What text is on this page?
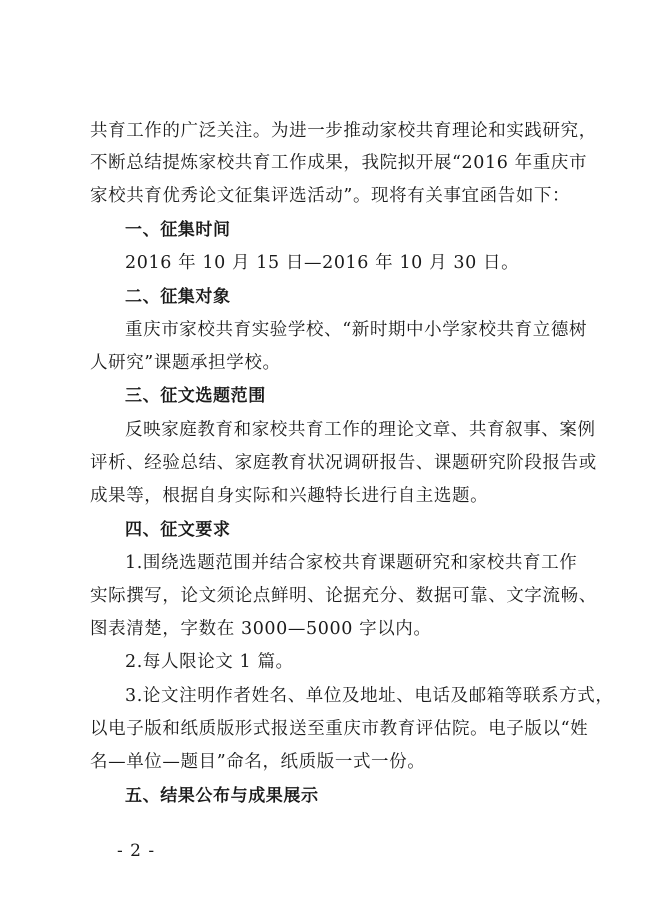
共育工作的广泛关注。为进一步推动家校共育理论和实践研究，
不断总结提炼家校共育工作成果，我院拟开展“2016 年重庆市
家校共育优秀论文征集评选活动”。现将有关事宜函告如下：
一、征集时间
2016 年 10 月 15 日—2016 年 10 月 30 日。
二、征集对象
重庆市家校共育实验学校、“新时期中小学家校共育立德树
人研究”课题承担学校。
三、征文选题范围
反映家庭教育和家校共育工作的理论文章、共育叙事、案例
评析、经验总结、家庭教育状况调研报告、课题研究阶段报告或
成果等，根据自身实际和兴趣特长进行自主选题。
四、征文要求
1.围绕选题范围并结合家校共育课题研究和家校共育工作
实际撰写，论文须论点鲜明、论据充分、数据可靠、文字流畅、
图表清楚，字数在 3000—5000 字以内。
2.每人限论文 1 篇。
3.论文注明作者姓名、单位及地址、电话及邮箱等联系方式，
以电子版和纸质版形式报送至重庆市教育评估院。电子版以“姓
名—单位—题目”命名，纸质版一式一份。
五、结果公布与成果展示
- 2 -
